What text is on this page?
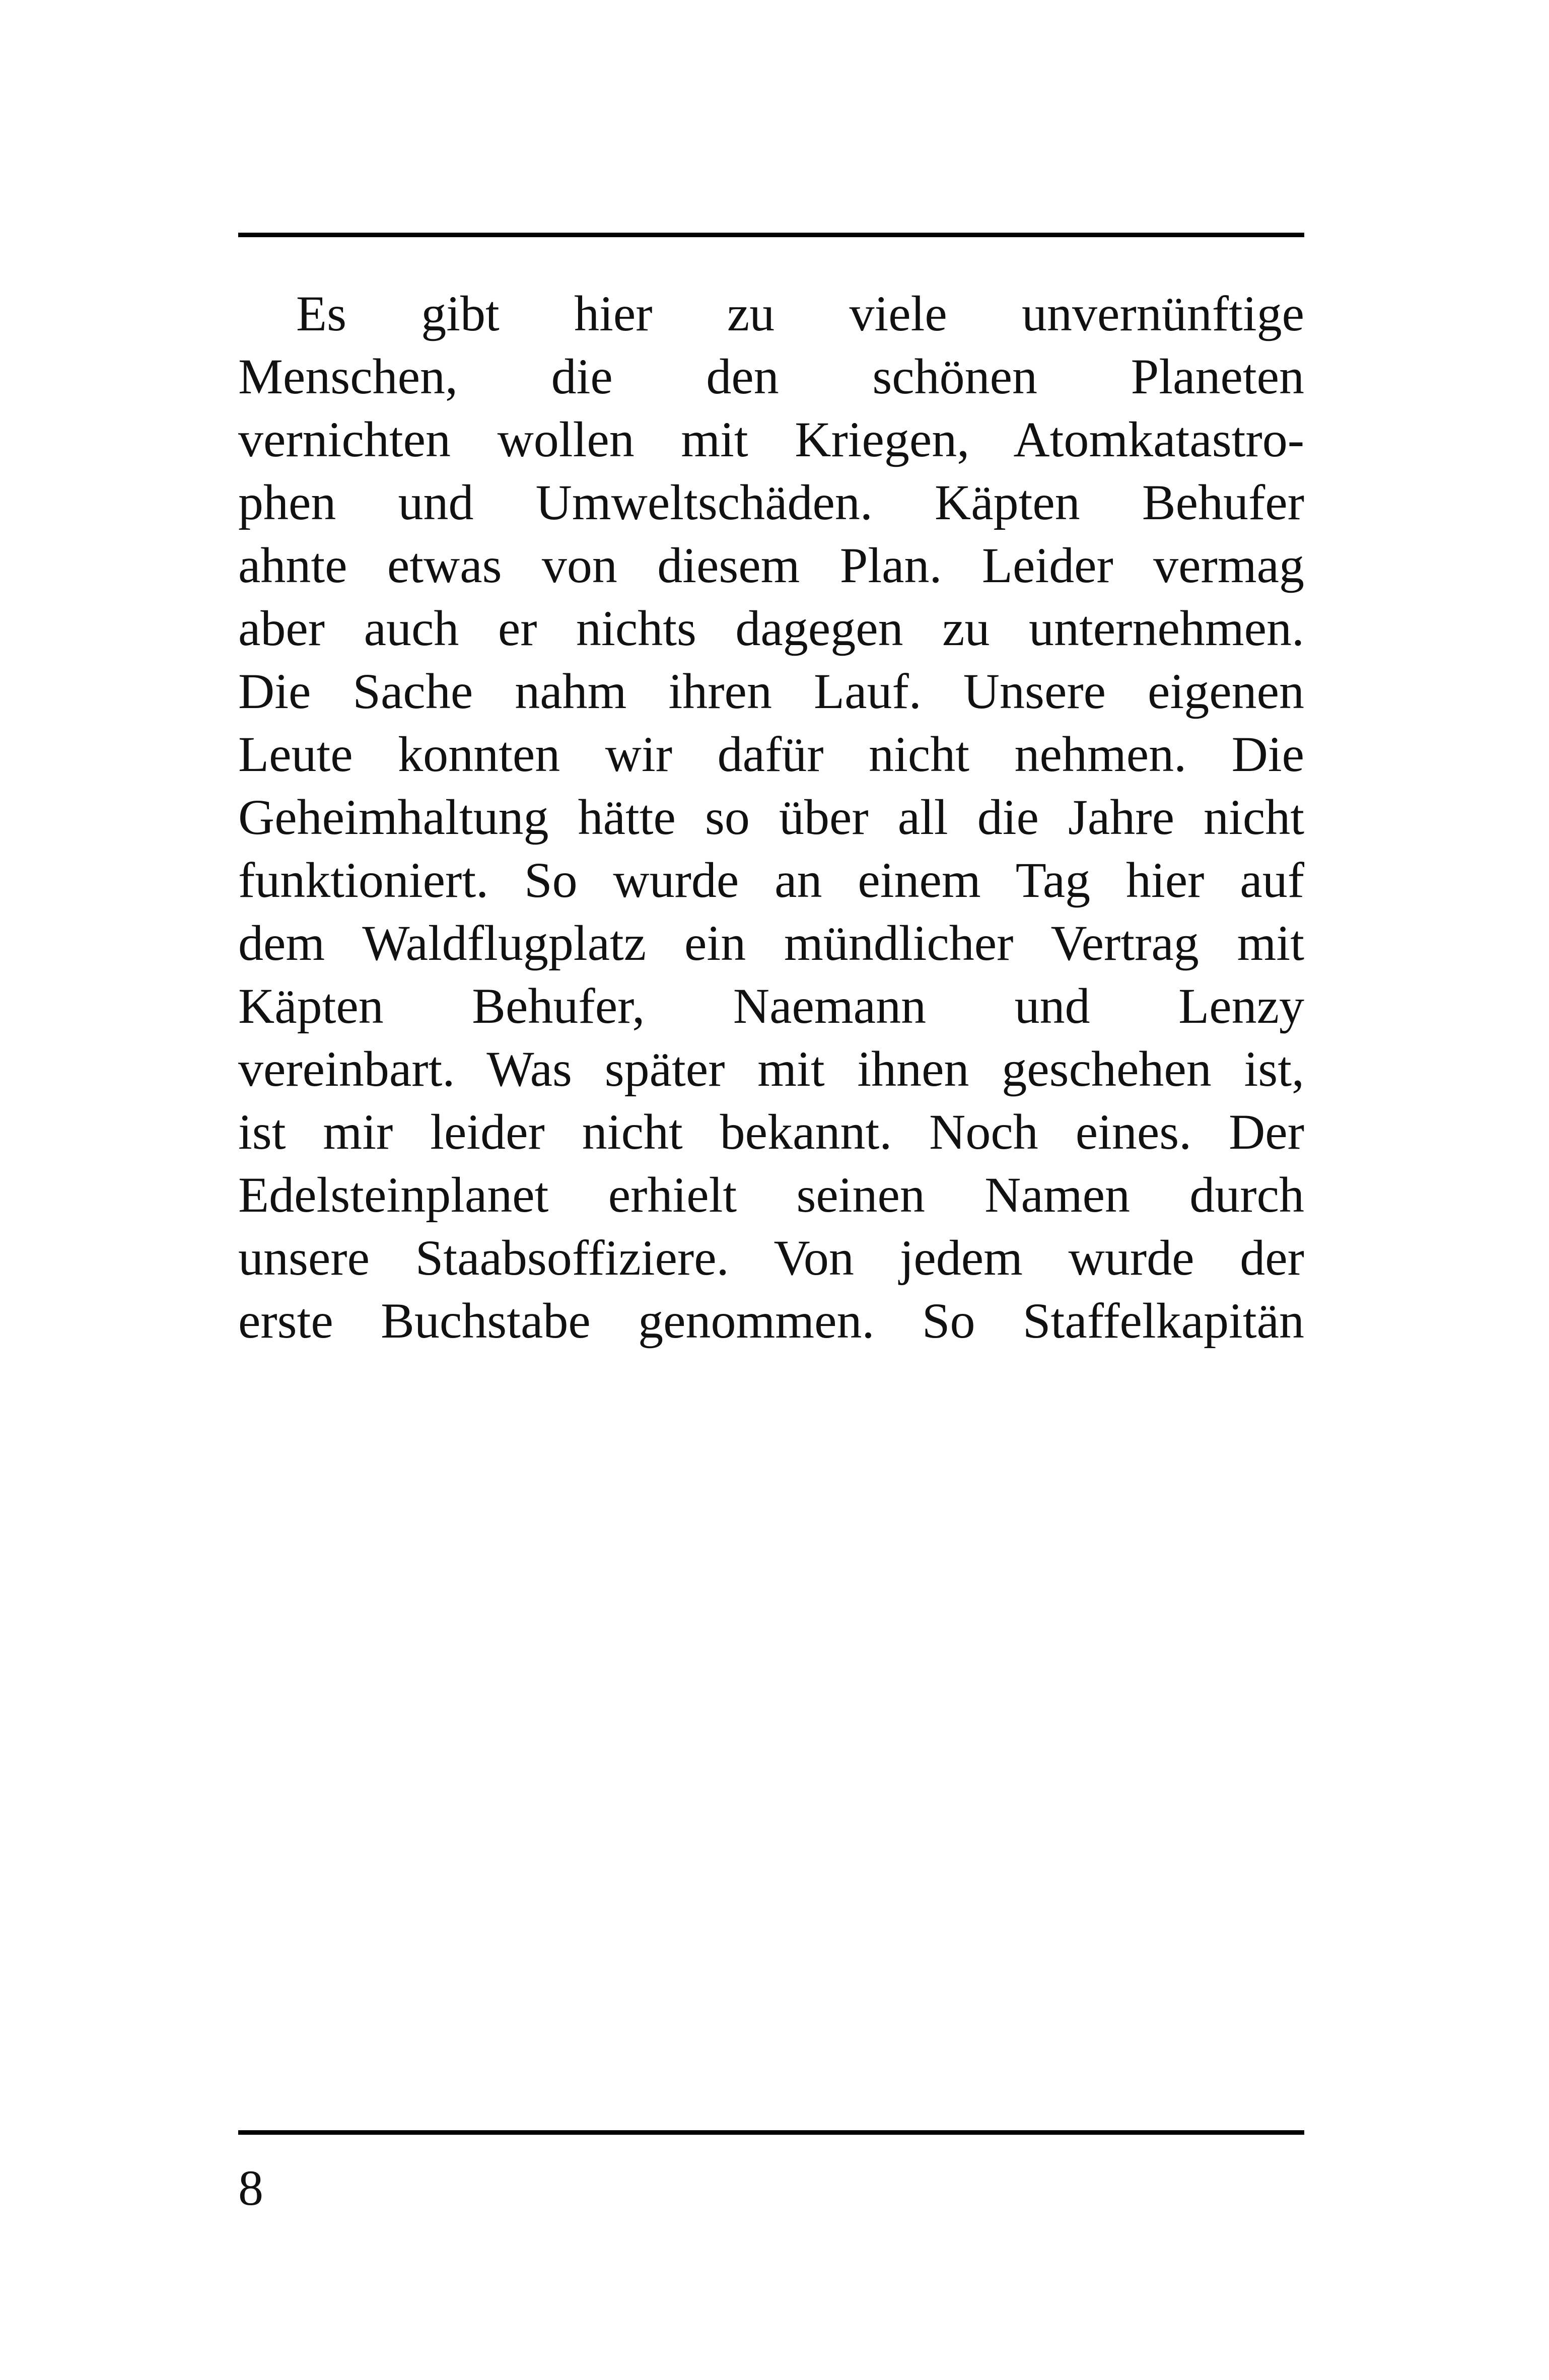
Es gibt hier zu viele unvernünftige
Menschen, die den schönen Planeten
vernichten wollen mit Kriegen, Atomkatastro-
phen und Umweltschäden. Käpten Behufer
ahnte etwas von diesem Plan. Leider vermag
aber auch er nichts dagegen zu unternehmen.
Die Sache nahm ihren Lauf. Unsere eigenen
Leute konnten wir dafür nicht nehmen. Die
Geheimhaltung hätte so über all die Jahre nicht
funktioniert. So wurde an einem Tag hier auf
dem Waldflugplatz ein mündlicher Vertrag mit
Käpten Behufer, Naemann und Lenzy
vereinbart. Was später mit ihnen geschehen ist,
ist mir leider nicht bekannt. Noch eines. Der
Edelsteinplanet erhielt seinen Namen durch
unsere Staabsoffiziere. Von jedem wurde der
erste Buchstabe genommen. So Staffelkapitän
8
